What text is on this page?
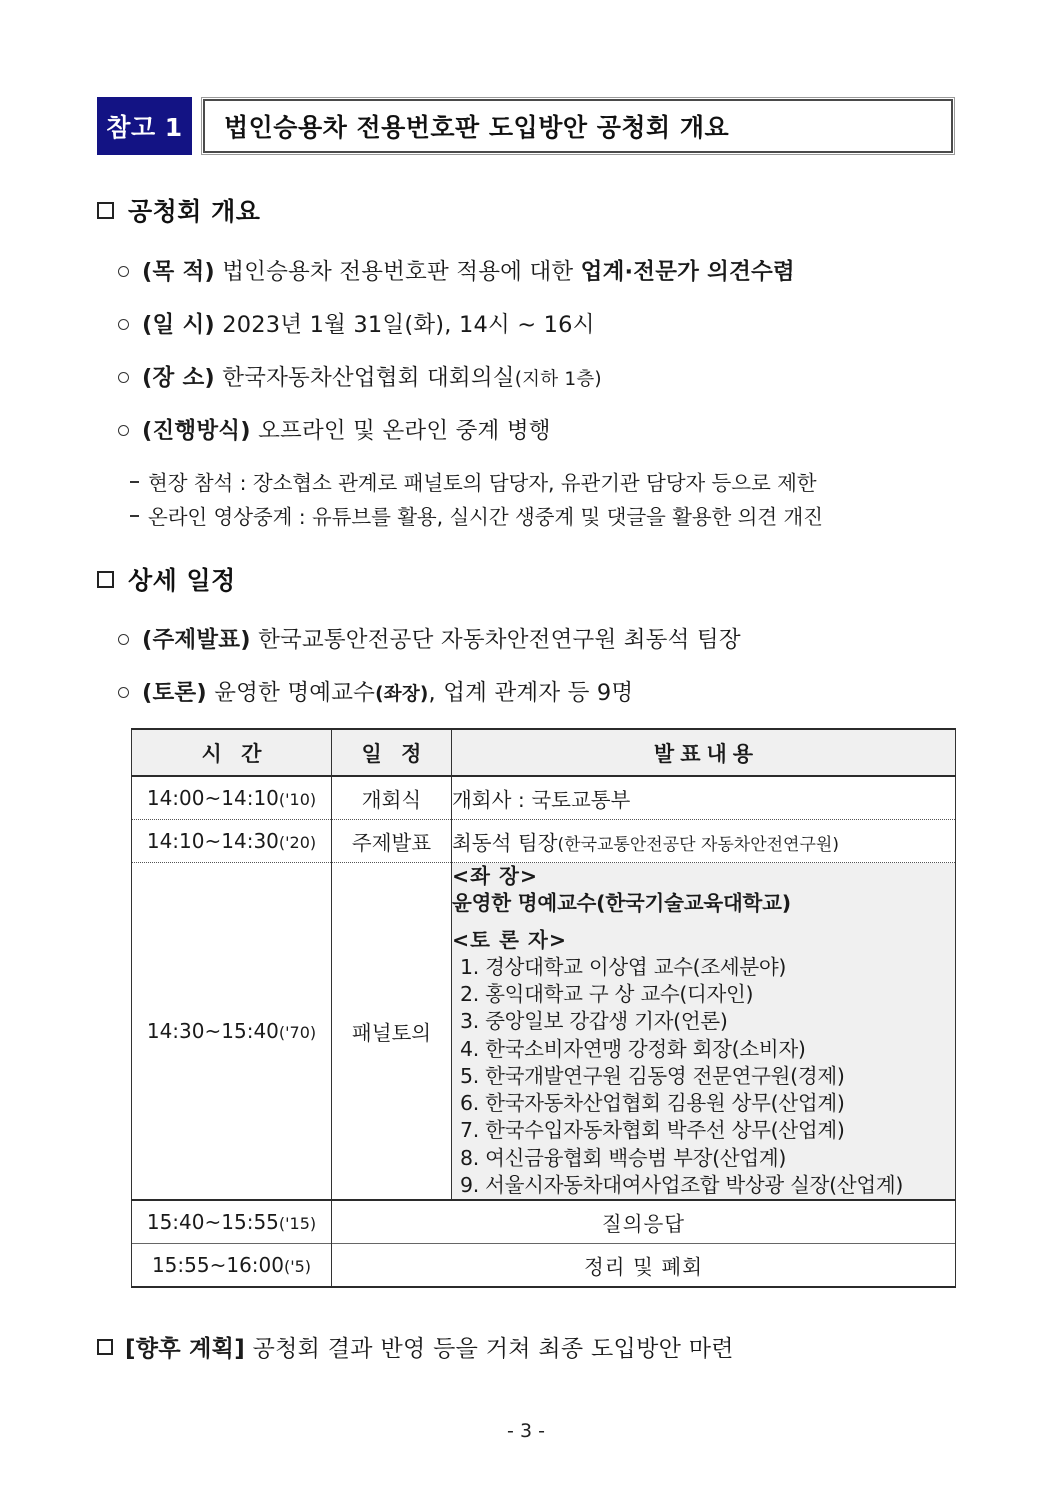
참고 1	법인승용차 전용번호판 도입방안 공청회 개요
공청회 개요
(목 적) 법인승용차 전용번호판 적용에 대한 업계·전문가 의견수렴
(일 시) 2023년 1월 31일(화), 14시 ~ 16시
(장 소) 한국자동차산업협회 대회의실(지하 1층)
(진행방식) 오프라인 및 온라인 중계 병행
현장 참석 : 장소협소 관계로 패널토의 담당자, 유관기관 담당자 등으로 제한
온라인 영상중계 : 유튜브를 활용, 실시간 생중계 및 댓글을 활용한 의견 개진
상세 일정
(주제발표) 한국교통안전공단 자동차안전연구원 최동석 팀장
(토론) 윤영한 명예교수(좌장), 업계 관계자 등 9명
시 간	일 정	발표내용
14:00~14:10('10)	개회식	개회사 : 국토교통부
14:10~14:30('20)	주제발표	최동석 팀장(한국교통안전공단 자동차안전연구원)
14:30~15:40('70)	패널토의	
<좌 장>
윤영한 명예교수(한국기술교육대학교)
<토 론 자>
1. 경상대학교 이상엽 교수(조세분야)
2. 홍익대학교 구 상 교수(디자인)
3. 중앙일보 강갑생 기자(언론)
4. 한국소비자연맹 강정화 회장(소비자)
5. 한국개발연구원 김동영 전문연구원(경제)
6. 한국자동차산업협회 김용원 상무(산업계)
7. 한국수입자동차협회 박주선 상무(산업계)
8. 여신금융협회 백승범 부장(산업계)
9. 서울시자동차대여사업조합 박상광 실장(산업계)

15:40~15:55('15)	질의응답	
15:55~16:00('5)	정리 및 폐회	
[향후 계획] 공청회 결과 반영 등을 거쳐 최종 도입방안 마련
- 3 -
